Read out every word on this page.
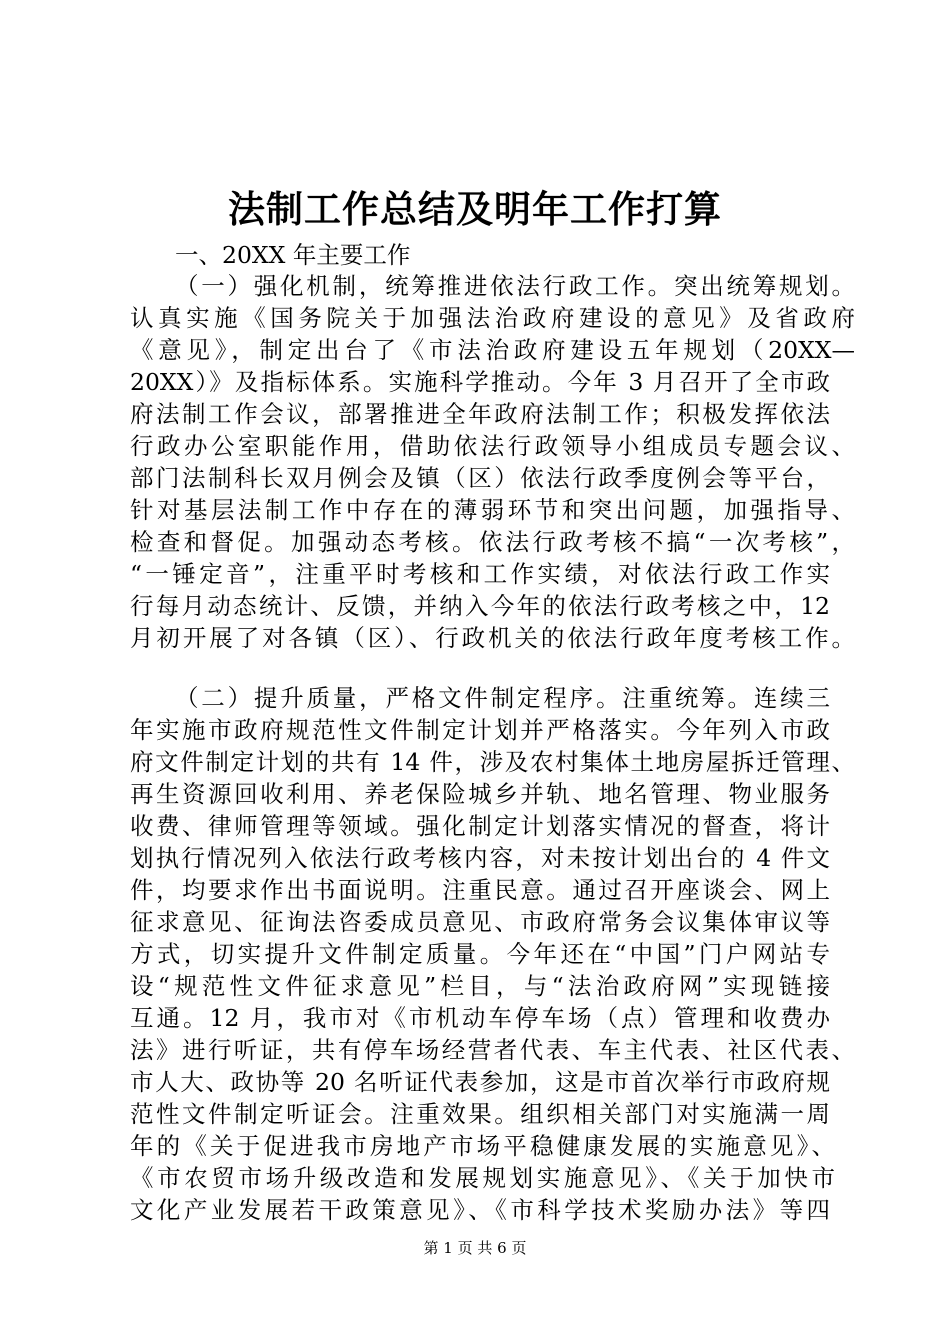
法制工作总结及明年工作打算
一、20XX 年主要工作
（一）强化机制，统筹推进依法行政工作。突出统筹规划。
认真实施《国务院关于加强法治政府建设的意见》及省政府
《意见》，制定出台了《市法治政府建设五年规划（20XX—
20XX）》及指标体系。实施科学推动。今年 3 月召开了全市政
府法制工作会议，部署推进全年政府法制工作；积极发挥依法
行政办公室职能作用，借助依法行政领导小组成员专题会议、
部门法制科长双月例会及镇（区）依法行政季度例会等平台，
针对基层法制工作中存在的薄弱环节和突出问题，加强指导、
检查和督促。加强动态考核。依法行政考核不搞“一次考核”，
“一锤定音”，注重平时考核和工作实绩，对依法行政工作实
行每月动态统计、反馈，并纳入今年的依法行政考核之中，12
月初开展了对各镇（区）、行政机关的依法行政年度考核工作。
（二）提升质量，严格文件制定程序。注重统筹。连续三
年实施市政府规范性文件制定计划并严格落实。今年列入市政
府文件制定计划的共有 14 件，涉及农村集体土地房屋拆迁管理、
再生资源回收利用、养老保险城乡并轨、地名管理、物业服务
收费、律师管理等领域。强化制定计划落实情况的督查，将计
划执行情况列入依法行政考核内容，对未按计划出台的 4 件文
件，均要求作出书面说明。注重民意。通过召开座谈会、网上
征求意见、征询法咨委成员意见、市政府常务会议集体审议等
方式，切实提升文件制定质量。今年还在“中国”门户网站专
设“规范性文件征求意见”栏目，与“法治政府网”实现链接
互通。12 月，我市对《市机动车停车场（点）管理和收费办
法》进行听证，共有停车场经营者代表、车主代表、社区代表、
市人大、政协等 20 名听证代表参加，这是市首次举行市政府规
范性文件制定听证会。注重效果。组织相关部门对实施满一周
年的《关于促进我市房地产市场平稳健康发展的实施意见》、
《市农贸市场升级改造和发展规划实施意见》、《关于加快市
文化产业发展若干政策意见》、《市科学技术奖励办法》等四
第 1 页 共 6 页
